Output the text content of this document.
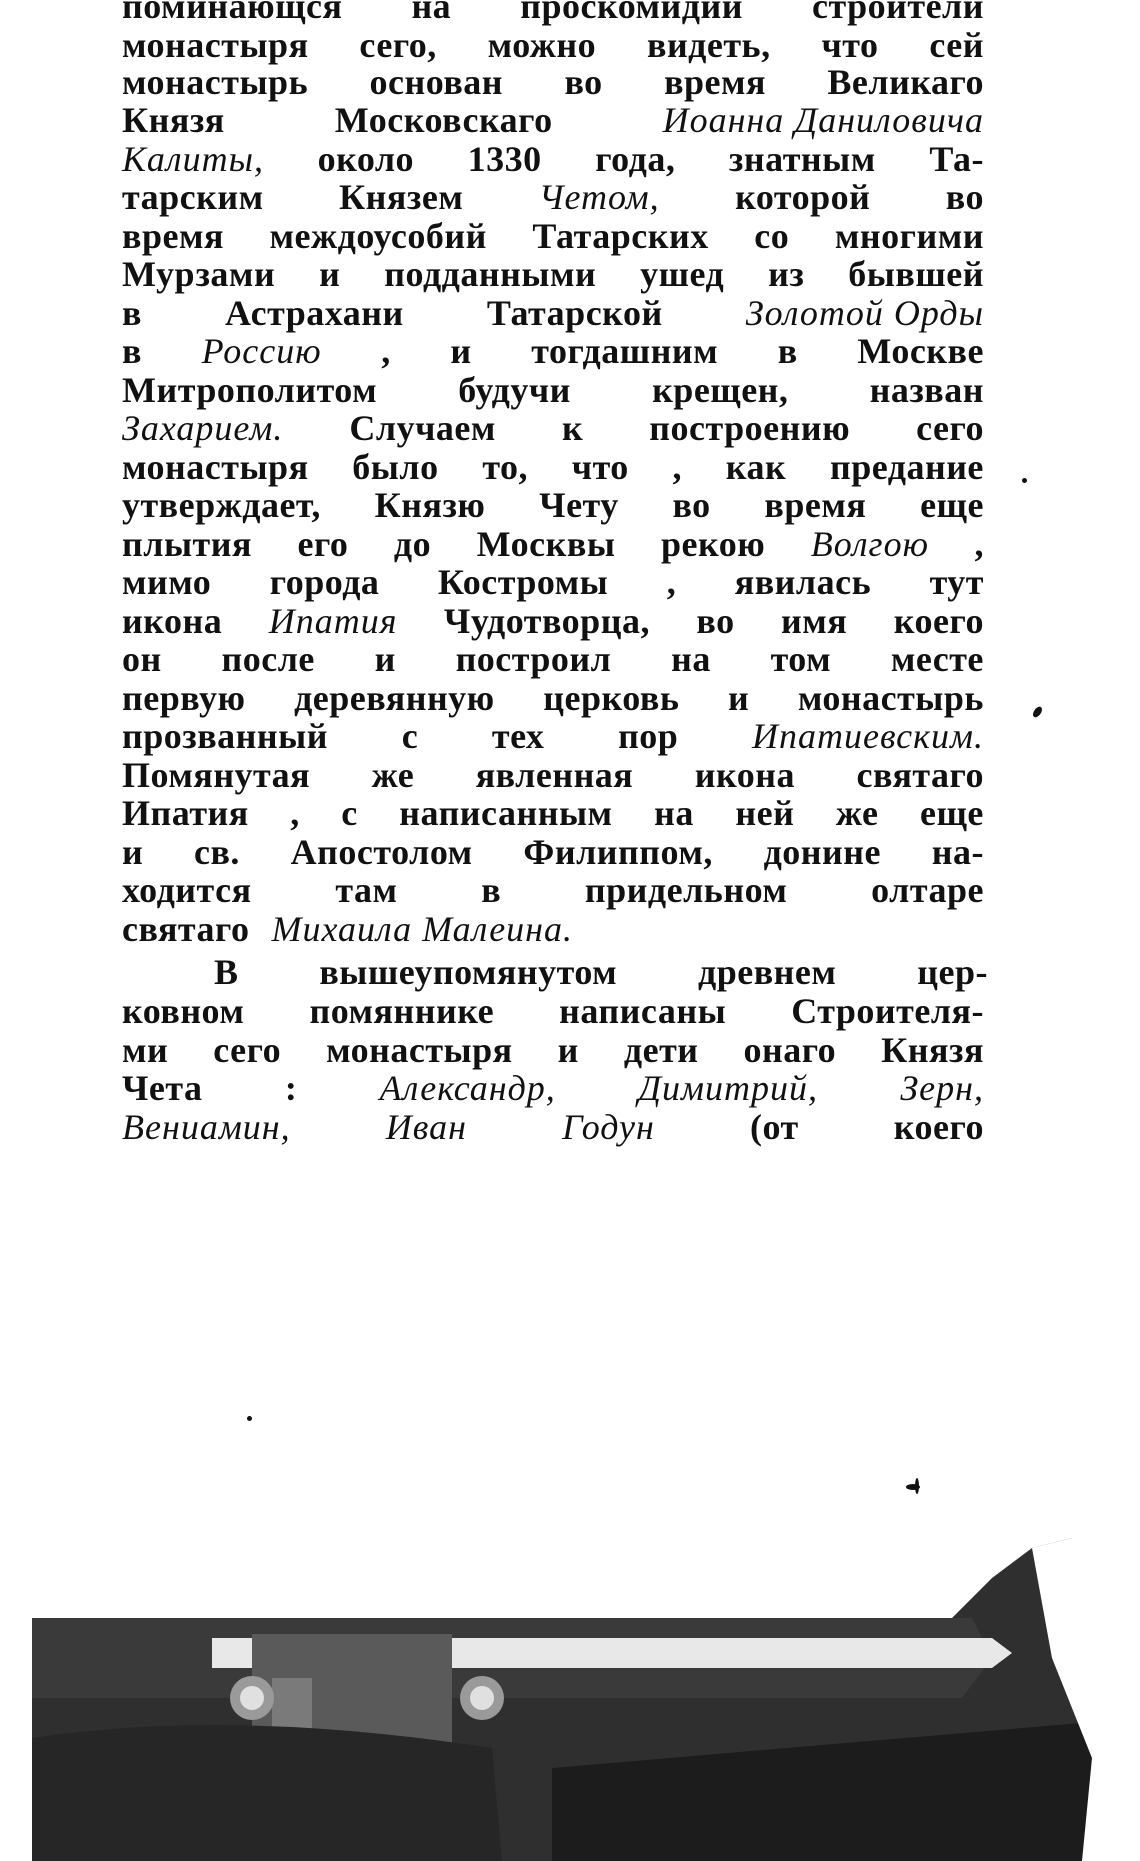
поминающся на проскомидии строители
монастыря сего, можно видеть, что сей
монастырь основан во время Великаго
Князя	Московскаго	Иоанна Даниловича
Калиты, около 1330 года, знатным Та-
тарским Князем Четом, которой во
время междоусобий Татарских со многими
Мурзами и подданными ушед из бывшей
в Астрахани Татарской Золотой Орды
в Россию , и тогдашним в Москве
Митрополитом будучи крещен, назван
Захарием. Случаем к построению сего
монастыря было то, что , как предание
утверждает, Князю Чету во время еще
плытия его до Москвы рекою Волгою ,
мимо города Костромы , явилась тут
икона Ипатия Чудотворца, во имя коего
он после и построил на том месте
первую деревянную церковь и монастырь
прозванный с тех пор Ипатиевским.
Помянутая же явленная икона святаго
Ипатия , с написанным на ней же еще
и св. Апостолом Филиппом, донине на-
ходится там в придельном олтаре
святаго Михаила Малеина.
В вышеупомянутом древнем цер-
ковном помяннике написаны Строителя-
ми сего монастыря и дети онаго Князя
Чета : Александр, Димитрий, Зерн,
Вениамин,	Иван	Годун	(от	коего
